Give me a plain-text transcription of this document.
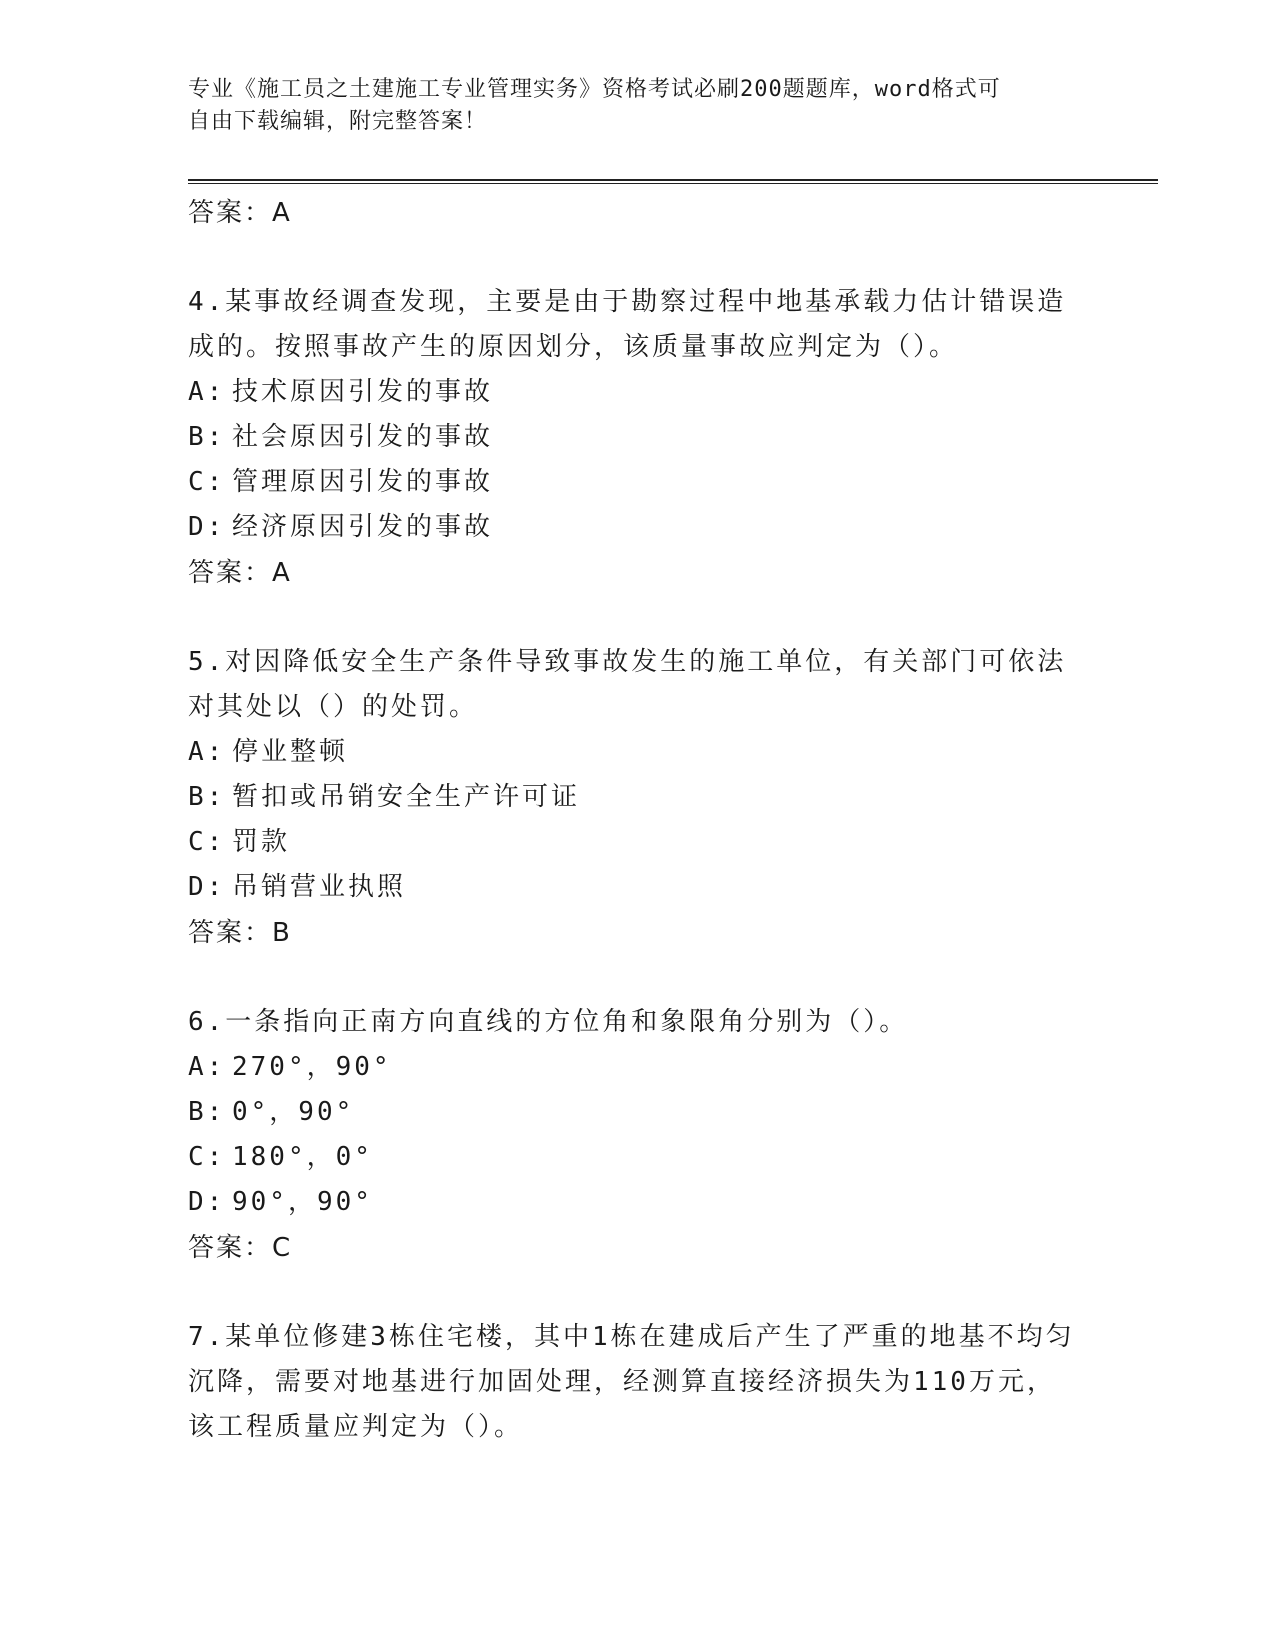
专业《施工员之土建施工专业管理实务》资格考试必刷200题题库，word格式可
自由下载编辑，附完整答案！
答案：A
4.某事故经调查发现，主要是由于勘察过程中地基承载力估计错误造成的。按照事故产生的原因划分，该质量事故应判定为（）。
A: 技术原因引发的事故
B: 社会原因引发的事故
C: 管理原因引发的事故
D: 经济原因引发的事故
答案：A
5.对因降低安全生产条件导致事故发生的施工单位，有关部门可依法对其处以（）的处罚。
A: 停业整顿
B: 暂扣或吊销安全生产许可证
C: 罚款
D: 吊销营业执照
答案：B
6.一条指向正南方向直线的方位角和象限角分别为（）。
A: 270°，90°
B: 0°，90°
C: 180°，0°
D: 90°，90°
答案：C
7.某单位修建3栋住宅楼，其中1栋在建成后产生了严重的地基不均匀沉降，需要对地基进行加固处理，经测算直接经济损失为110万元，该工程质量应判定为（）。
